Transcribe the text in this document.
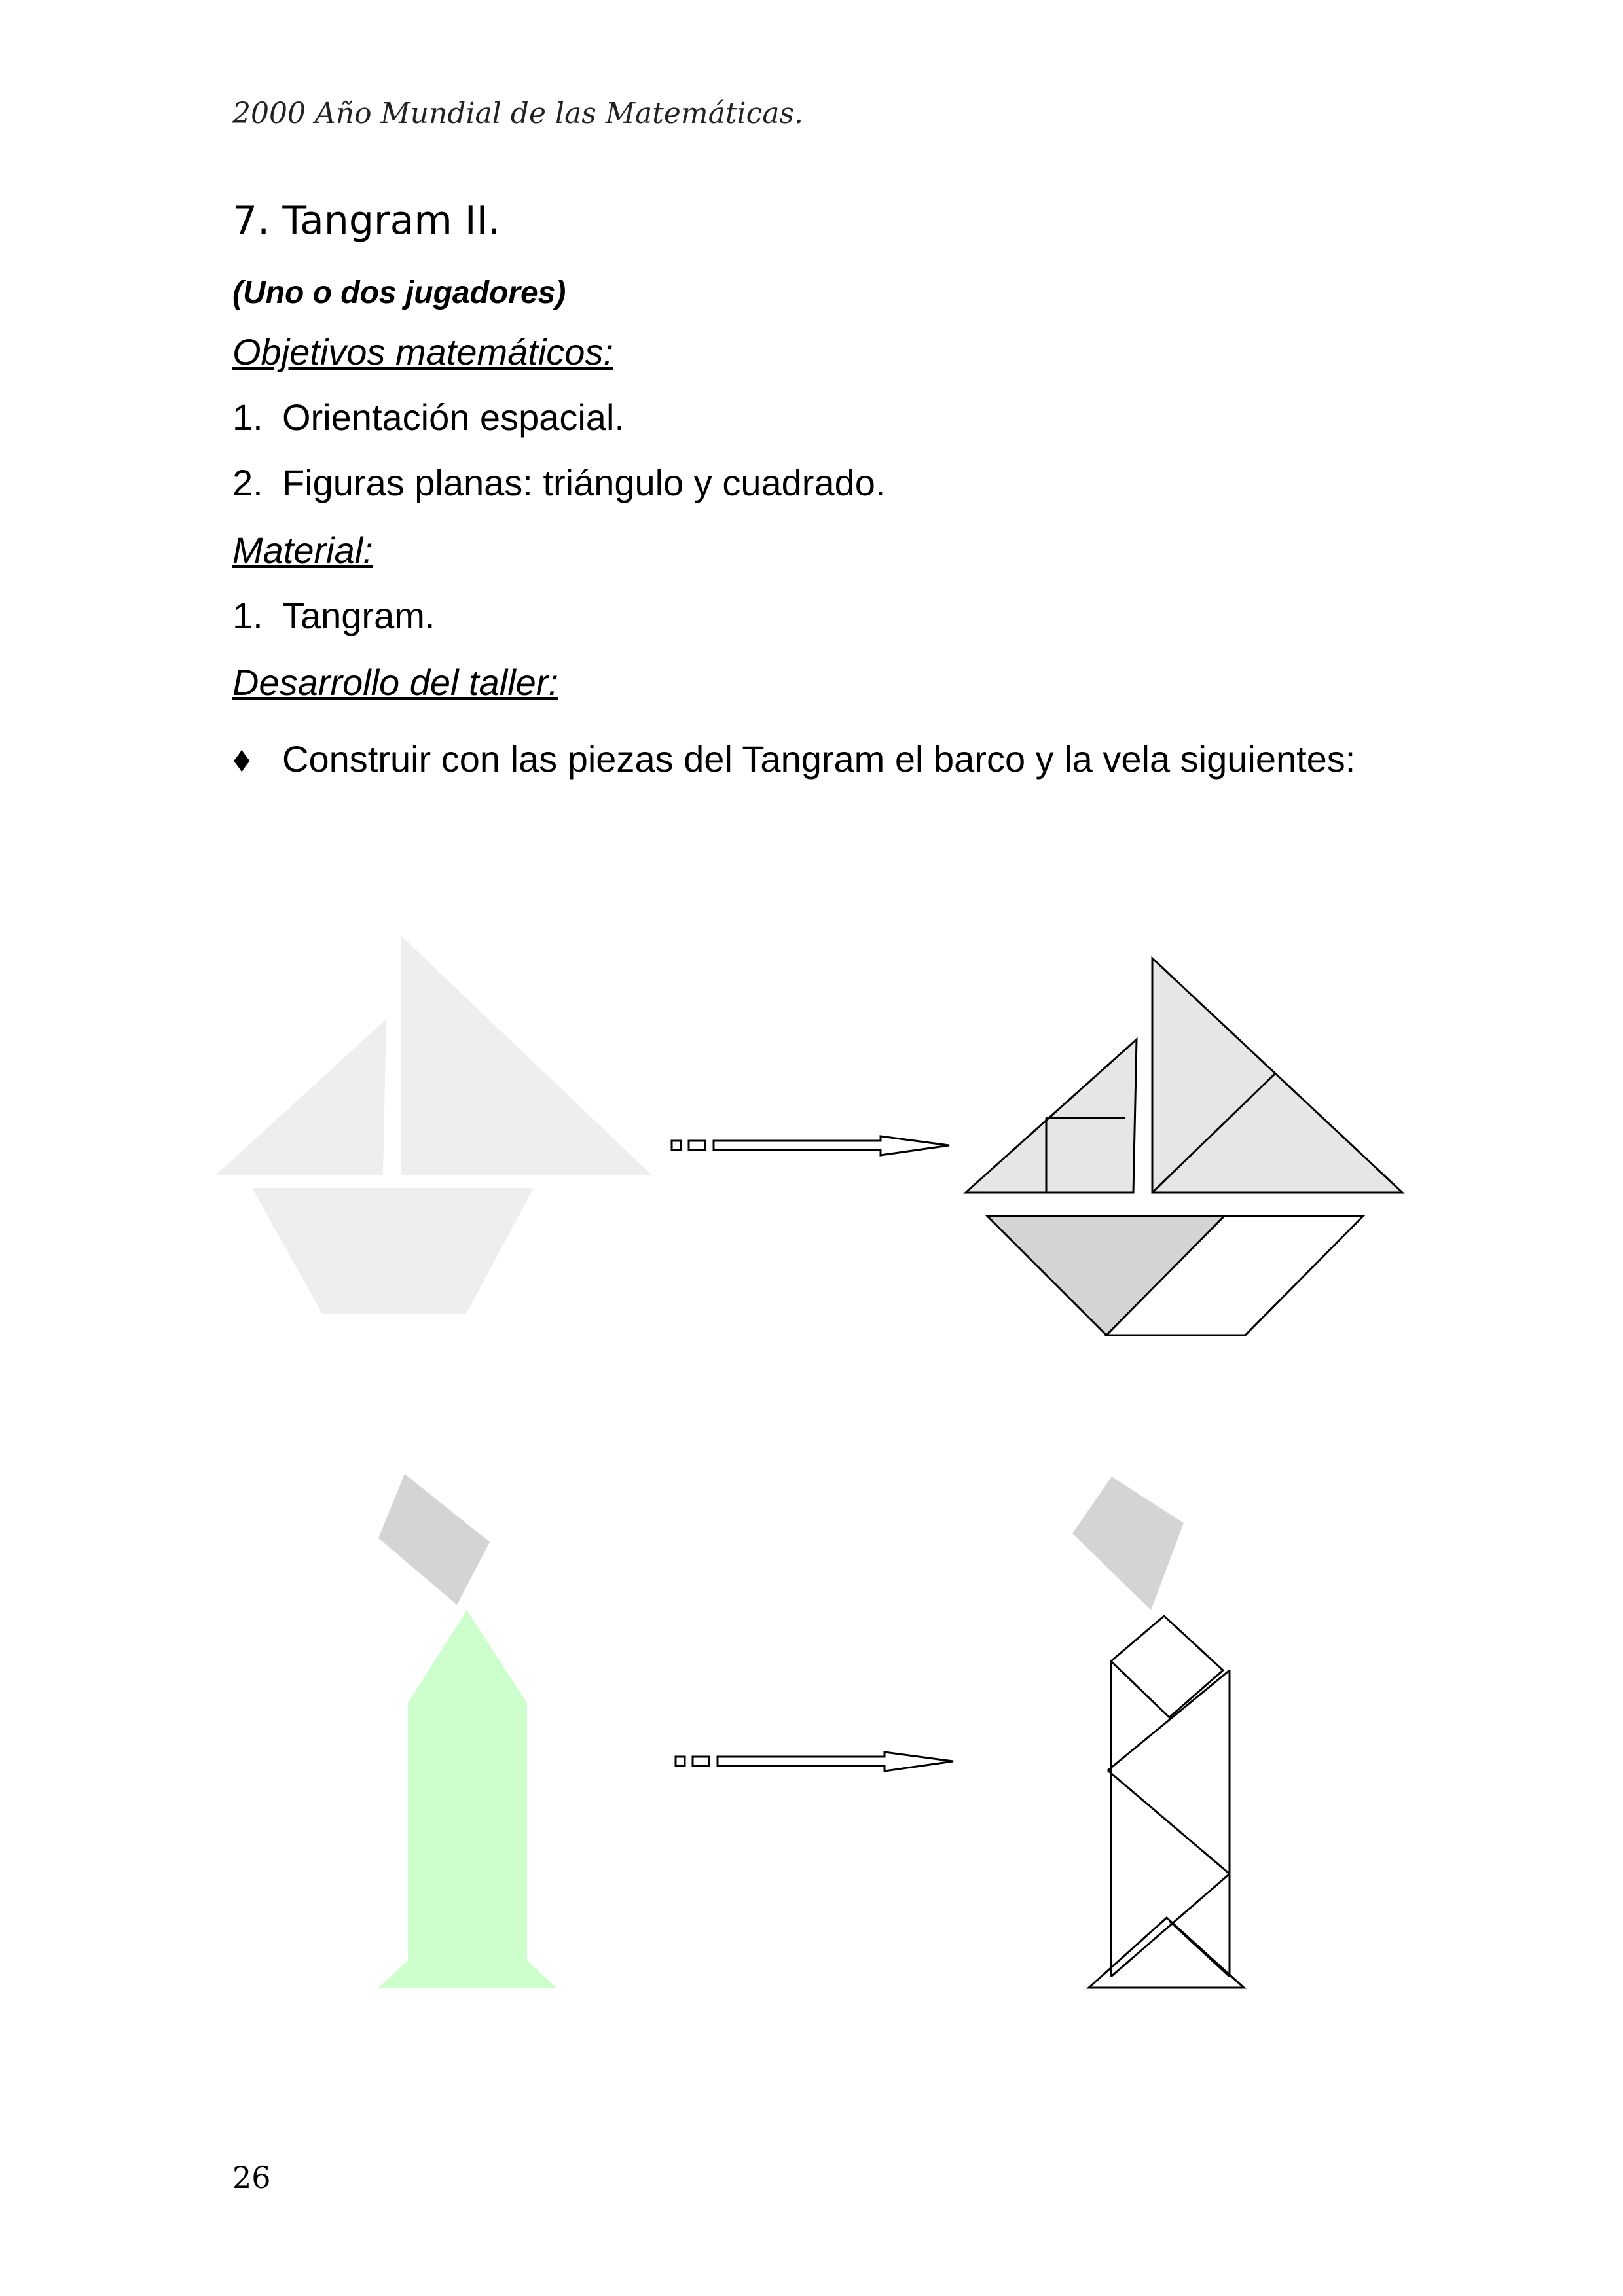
2000 Año Mundial de las Matemáticas.
7. Tangram II.
(Uno o dos jugadores)
Objetivos matemáticos:
1. Orientación espacial.
2. Figuras planas: triángulo y cuadrado.
Material:
1. Tangram.
Desarrollo del taller:
♦ Construir con las piezas del Tangram el barco y la vela siguientes:
26
